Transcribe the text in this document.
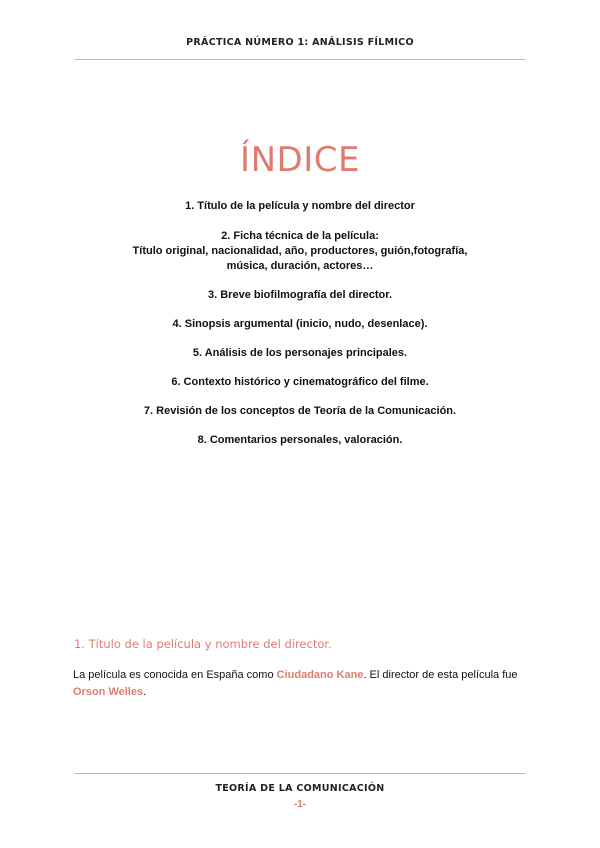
PRÁCTICA NÚMERO 1: ANÁLISIS FÍLMICO
ÍNDICE
1. Título de la película y nombre del director
2. Ficha técnica de la película:
Título original, nacionalidad, año, productores, guión,fotografía,
música, duración, actores…
3. Breve biofilmografía del director.
4. Sinopsis argumental (inicio, nudo, desenlace).
5. Análisis de los personajes principales.
6. Contexto histórico y cinematográfico del filme.
7. Revisión de los conceptos de Teoría de la Comunicación.
8. Comentarios personales, valoración.
1. Título de la película y nombre del director.
La película es conocida en España como Ciudadano Kane. El director de esta película fue Orson Welles.
TEORÍA DE LA COMUNICACIÓN
-1-
